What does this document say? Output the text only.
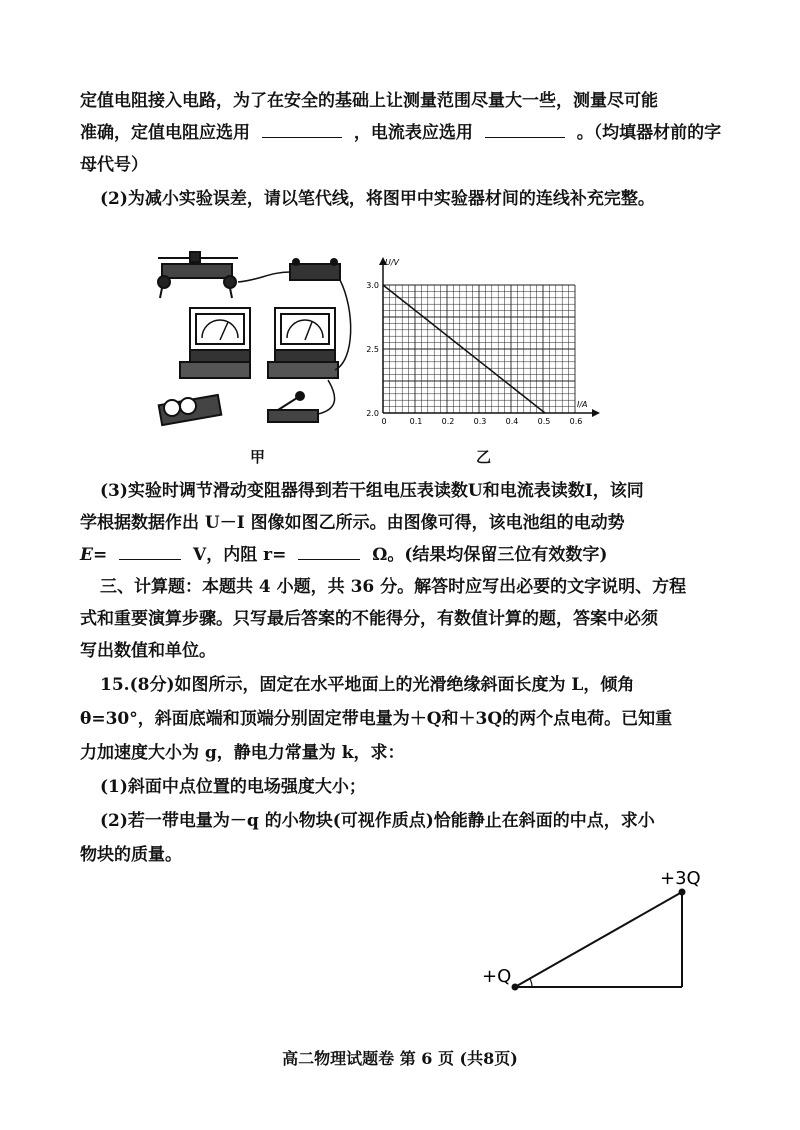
定值电阻接入电路，为了在安全的基础上让测量范围尽量大一些，测量尽可能
准确，定值电阻应选用	，电流表应选用	。（均填器材前的字
母代号）
(2)为减小实验误差，请以笔代线，将图甲中实验器材间的连线补充完整。
甲
U/V
I/A
2.0
2.5
3.0
0	0.1 0.2 0.3 0.4 0.5 0.6
乙
(3)实验时调节滑动变阻器得到若干组电压表读数U和电流表读数I，该同
学根据数据作出 U－I 图像如图乙所示。由图像可得，该电池组的电动势
E=	V，内阻 r=	Ω。(结果均保留三位有效数字)
三、计算题：本题共 4 小题，共 36 分。解答时应写出必要的文字说明、方程
式和重要演算步骤。只写最后答案的不能得分，有数值计算的题，答案中必须
写出数值和单位。
15.(8分)如图所示，固定在水平地面上的光滑绝缘斜面长度为 L，倾角
θ=30°，斜面底端和顶端分别固定带电量为＋Q和＋3Q的两个点电荷。已知重
力加速度大小为 g，静电力常量为 k，求：
(1)斜面中点位置的电场强度大小；
(2)若一带电量为－q 的小物块(可视作质点)恰能静止在斜面的中点，求小
物块的质量。
+3Q
+Q
高二物理试题卷 第 6 页 (共8页)
